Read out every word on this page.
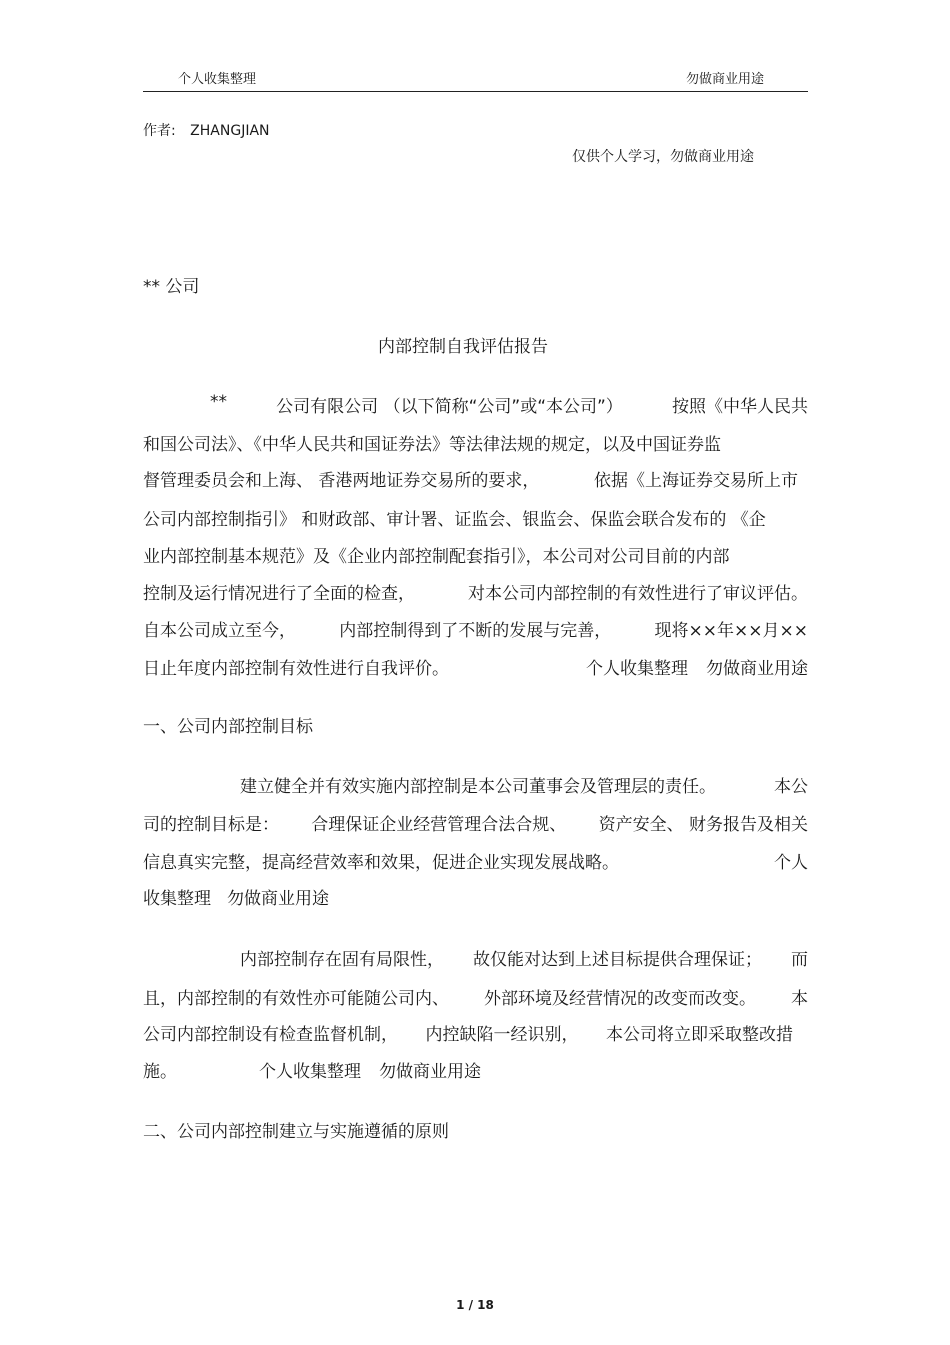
个人收集整理	勿做商业用途
作者: ZHANGJIAN
仅供个人学习，勿做商业用途
** 公司
内部控制自我评估报告
**	公司有限公司 （以下简称“公司”或“本公司”）	按照《中华人民共
和国公司法》、《中华人民共和国证券法》等法律法规的规定，以及中国证券监
督管理委员会和上海、 香港两地证券交易所的要求，	依据《上海证券交易所上市
公司内部控制指引》 和财政部、审计署、证监会、银监会、保监会联合发布的 《企
业内部控制基本规范》及《企业内部控制配套指引》，本公司对公司目前的内部
控制及运行情况进行了全面的检查，	对本公司内部控制的有效性进行了审议评估。
自本公司成立至今，	内部控制得到了不断的发展与完善，	现将××年××月××
日止年度内部控制有效性进行自我评价。	个人收集整理 勿做商业用途
一、公司内部控制目标
建立健全并有效实施内部控制是本公司董事会及管理层的责任。	本公
司的控制目标是： 合理保证企业经营管理合法合规、 资产安全、 财务报告及相关
信息真实完整，提高经营效率和效果，促进企业实现发展战略。	个人
收集整理 勿做商业用途
内部控制存在固有局限性， 故仅能对达到上述目标提供合理保证； 而
且，内部控制的有效性亦可能随公司内、 外部环境及经营情况的改变而改变。 本
公司内部控制设有检查监督机制， 内控缺陷一经识别， 本公司将立即采取整改措
施。	个人收集整理 勿做商业用途
二、公司内部控制建立与实施遵循的原则
1 / 18
